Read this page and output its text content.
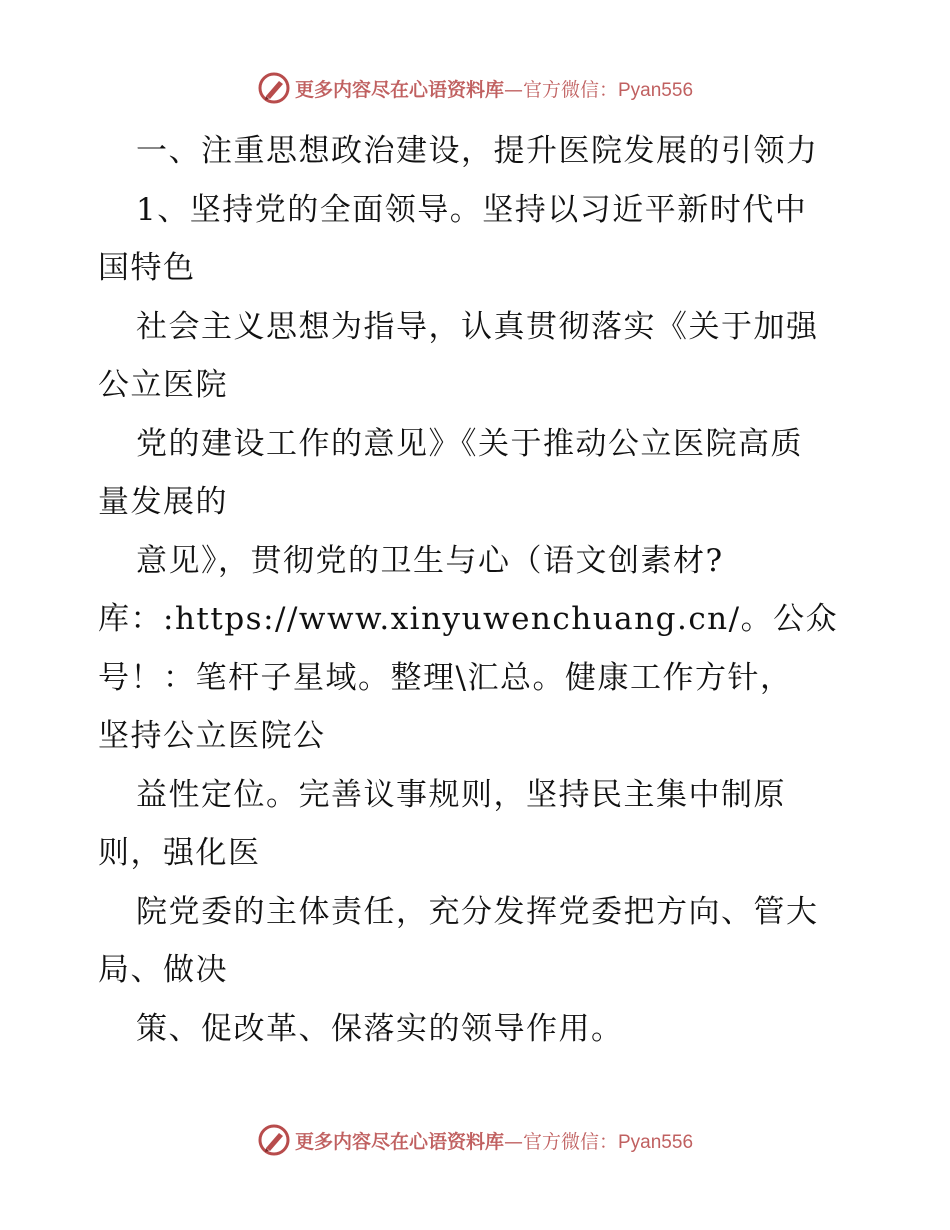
更多内容尽在心语资料库—官方微信：Pyan556
一、注重思想政治建设，提升医院发展的引领力
1、坚持党的全面领导。坚持以习近平新时代中
国特色
社会主义思想为指导，认真贯彻落实《关于加强
公立医院
党的建设工作的意见》《关于推动公立医院高质
量发展的
意见》，贯彻党的卫生与心（语文创素材?
库：:https://www.xinyuwenchuang.cn/。公众
号！：笔杆子星域。整理\汇总。健康工作方针，
坚持公立医院公
益性定位。完善议事规则，坚持民主集中制原
则，强化医
院党委的主体责任，充分发挥党委把方向、管大
局、做决
策、促改革、保落实的领导作用。
更多内容尽在心语资料库—官方微信：Pyan556
